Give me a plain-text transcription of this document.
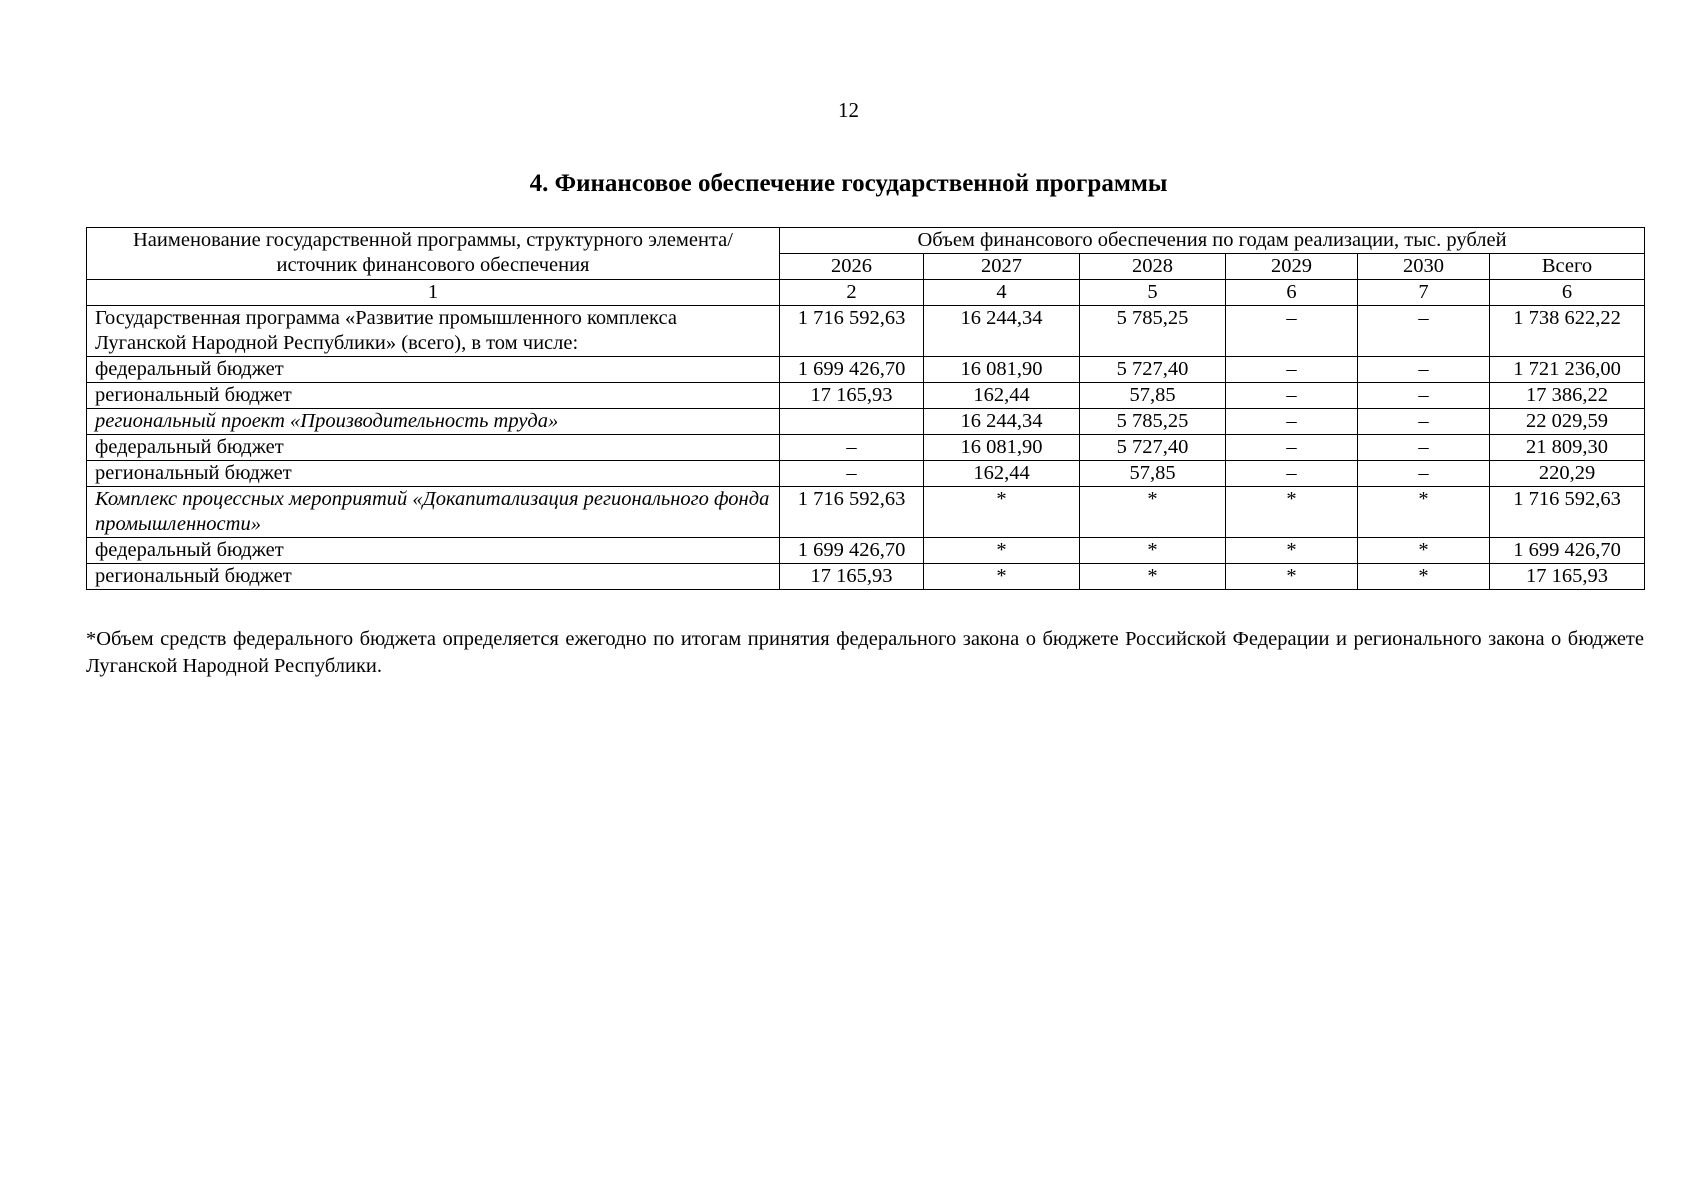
12
4. Финансовое обеспечение государственной программы
Наименование государственной программы, структурного элемента/источник финансового обеспечения	Объем финансового обеспечения по годам реализации, тыс. рублей					
	2026	2027	2028	2029	2030	Всего
1	2	4	5	6	7	6
Государственная программа «Развитие промышленного комплекса Луганской Народной Республики» (всего), в том числе:	1 716 592,63	16 244,34	5 785,25	–	–	1 738 622,22
федеральный бюджет	1 699 426,70	16 081,90	5 727,40	–	–	1 721 236,00
региональный бюджет	17 165,93	162,44	57,85	–	–	17 386,22
региональный проект «Производительность труда»		16 244,34	5 785,25	–	–	22 029,59
федеральный бюджет	–	16 081,90	5 727,40	–	–	21 809,30
региональный бюджет	–	162,44	57,85	–	–	220,29
Комплекс процессных мероприятий «Докапитализация регионального фонда промышленности»	1 716 592,63	*	*	*	*	1 716 592,63
федеральный бюджет	1 699 426,70	*	*	*	*	1 699 426,70
региональный бюджет	17 165,93	*	*	*	*	17 165,93
*Объем средств федерального бюджета определяется ежегодно по итогам принятия федерального закона о бюджете Российской Федерации и регионального закона о бюджете Луганской Народной Республики.
